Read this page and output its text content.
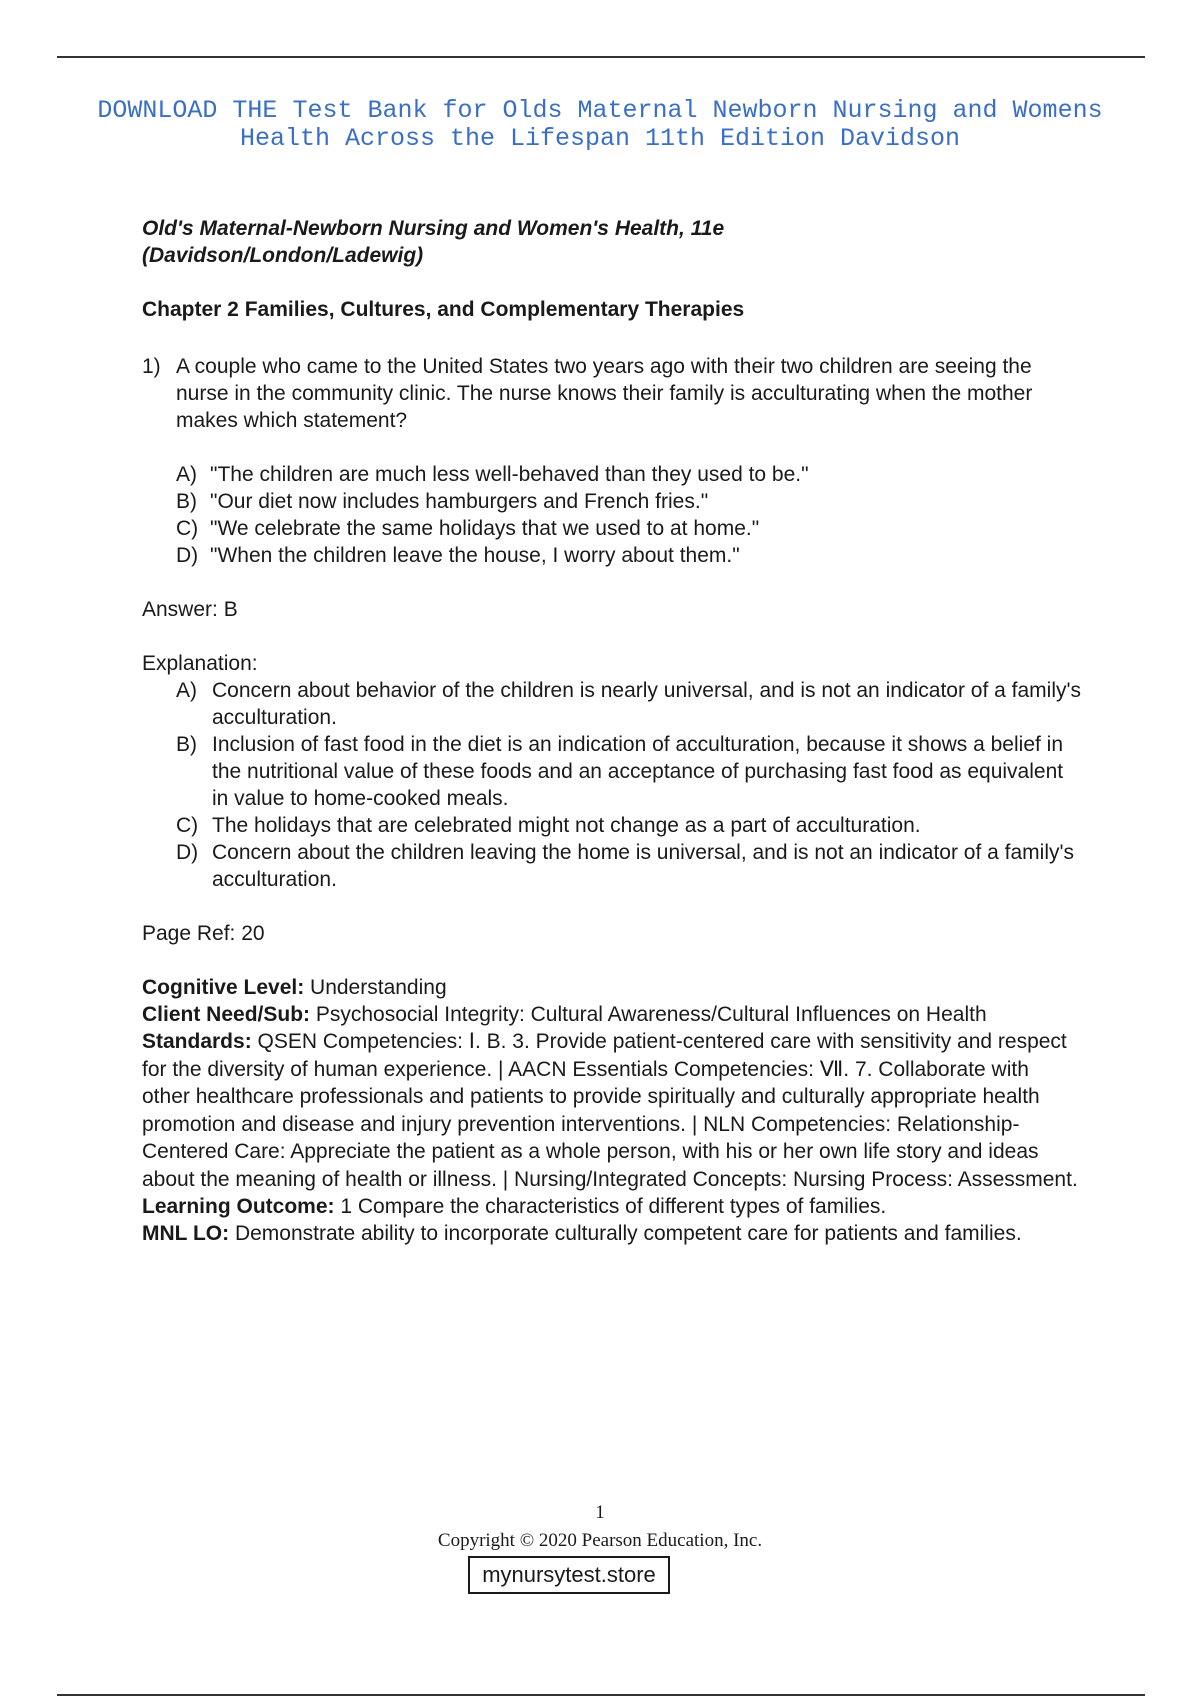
DOWNLOAD THE Test Bank for Olds Maternal Newborn Nursing and Womens
Health Across the Lifespan 11th Edition Davidson

Old's Maternal-Newborn Nursing and Women's Health, 11e
(Davidson/London/Ladewig)

Chapter 2 Families, Cultures, and Complementary Therapies

1) A couple who came to the United States two years ago with their two children are seeing the nurse in the community clinic. The nurse knows their family is acculturating when the mother makes which statement?
A) "The children are much less well-behaved than they used to be."
B) "Our diet now includes hamburgers and French fries."
C) "We celebrate the same holidays that we used to at home."
D) "When the children leave the house, I worry about them."
Answer: B
Explanation:
A) Concern about behavior of the children is nearly universal, and is not an indicator of a family's acculturation.
B) Inclusion of fast food in the diet is an indication of acculturation, because it shows a belief in the nutritional value of these foods and an acceptance of purchasing fast food as equivalent in value to home-cooked meals.
C) The holidays that are celebrated might not change as a part of acculturation.
D) Concern about the children leaving the home is universal, and is not an indicator of a family's acculturation.
Page Ref: 20

Cognitive Level: Understanding

Client Need/Sub: Psychosocial Integrity: Cultural Awareness/Cultural Influences on Health

Standards: QSEN Competencies: Ⅰ. B. 3. Provide patient-centered care with sensitivity and respect for the diversity of human experience. | AACN Essentials Competencies: Ⅶ. 7. Collaborate with other healthcare professionals and patients to provide spiritually and culturally appropriate health promotion and disease and injury prevention interventions. | NLN Competencies: Relationship-Centered Care: Appreciate the patient as a whole person, with his or her own life story and ideas about the meaning of health or illness. | Nursing/Integrated Concepts: Nursing Process: Assessment.

Learning Outcome: 1 Compare the characteristics of different types of families.

MNL LO: Demonstrate ability to incorporate culturally competent care for patients and families.

1
Copyright © 2020 Pearson Education, Inc.
mynursytest.store
